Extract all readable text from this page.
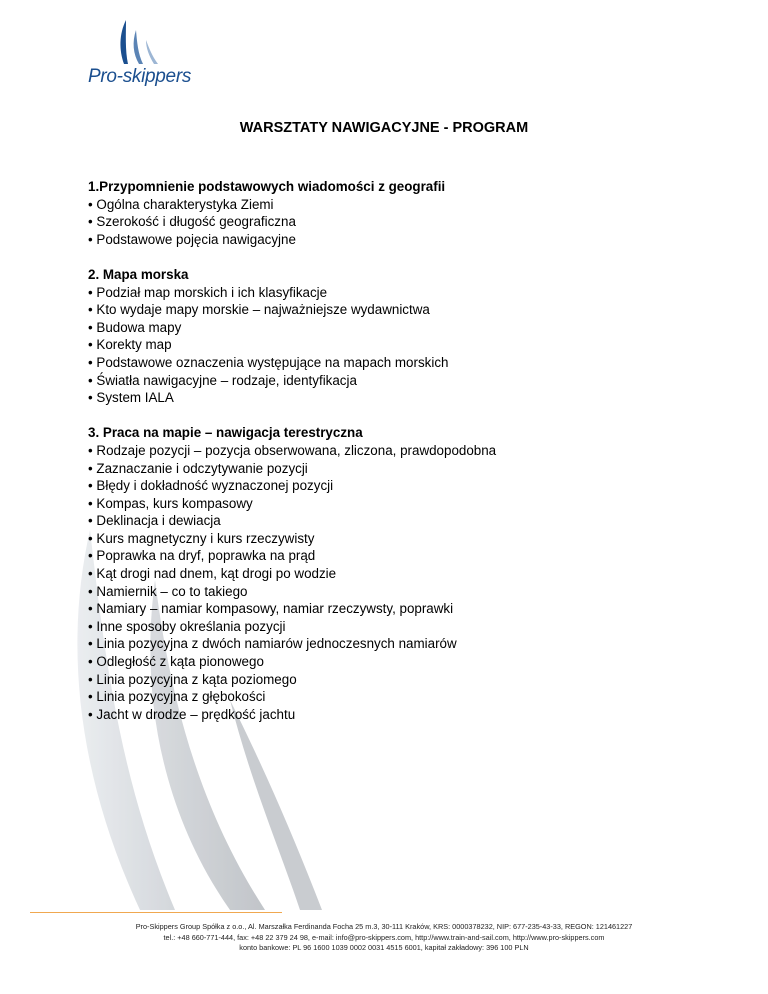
Pro-skippers
WARSZTATY NAWIGACYJNE - PROGRAM
1.Przypomnienie podstawowych wiadomości z geografii
• Ogólna charakterystyka Ziemi
• Szerokość i długość geograficzna
• Podstawowe pojęcia nawigacyjne
2. Mapa morska
• Podział map morskich i ich klasyfikacje
• Kto wydaje mapy morskie – najważniejsze wydawnictwa
• Budowa mapy
• Korekty map
• Podstawowe oznaczenia występujące na mapach morskich
• Światła nawigacyjne – rodzaje, identyfikacja
• System IALA
3. Praca na mapie – nawigacja terestryczna
• Rodzaje pozycji – pozycja obserwowana, zliczona, prawdopodobna
• Zaznaczanie i odczytywanie pozycji
• Błędy i dokładność wyznaczonej pozycji
• Kompas, kurs kompasowy
• Deklinacja i dewiacja
• Kurs magnetyczny i kurs rzeczywisty
• Poprawka na dryf, poprawka na prąd
• Kąt drogi nad dnem, kąt drogi po wodzie
• Namiernik – co to takiego
• Namiary – namiar kompasowy, namiar rzeczywsty, poprawki
• Inne sposoby określania pozycji
• Linia pozycyjna z dwóch namiarów jednoczesnych namiarów
• Odległość z kąta pionowego
• Linia pozycyjna z kąta poziomego
• Linia pozycyjna z głębokości
• Jacht w drodze – prędkość jachtu
Pro-Skippers Group Spółka z o.o., Al. Marszałka Ferdinanda Focha 25 m.3, 30-111 Kraków, KRS: 0000378232, NIP: 677-235-43-33, REGON: 121461227
tel.: +48 660-771-444, fax: +48 22 379 24 98, e-mail: info@pro-skippers.com, http://www.train-and-sail.com, http://www.pro-skippers.com
konto bankowe: PL 96 1600 1039 0002 0031 4515 6001, kapitał zakładowy: 396 100 PLN
